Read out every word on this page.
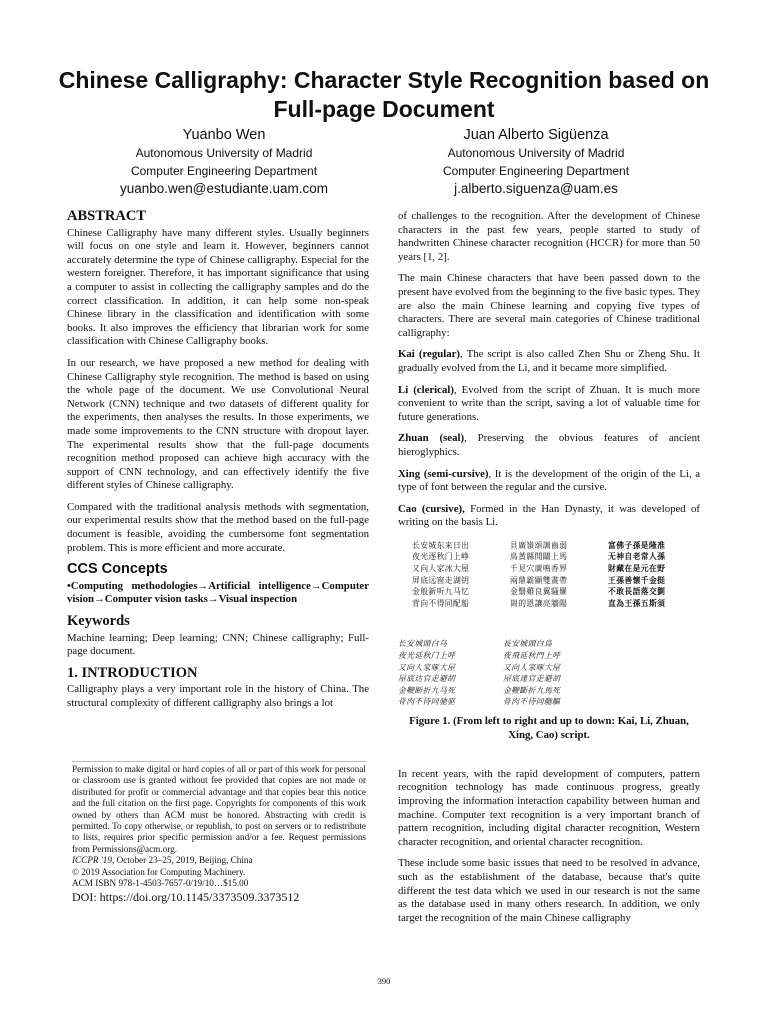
Chinese Calligraphy: Character Style Recognition based on Full-page Document
Yuanbo Wen
Autonomous University of Madrid
Computer Engineering Department
yuanbo.wen@estudiante.uam.com
Juan Alberto Sigüenza
Autonomous University of Madrid
Computer Engineering Department
j.alberto.siguenza@uam.es
ABSTRACT

Chinese Calligraphy have many different styles. Usually beginners will focus on one style and learn it. However, beginners cannot accurately determine the type of Chinese calligraphy. Especial for the western foreigner. Therefore, it has important significance that using a computer to assist in collecting the calligraphy samples and do the correct classification. In addition, it can help some non-speak Chinese library in the classification and identification with some books. It also improves the efficiency that librarian work for some classification with Chinese Calligraphy books.

In our research, we have proposed a new method for dealing with Chinese Calligraphy style recognition. The method is based on using the whole page of the document. We use Convolutional Neural Network (CNN) technique and two datasets of different quality for the experiments, then analyses the results. In those experiments, we made some improvements to the CNN structure with dropout layer. The experimental results show that the full-page documents recognition method proposed can achieve high accuracy with the support of CNN technology, and can effectively identify the five different styles of Chinese calligraphy.

Compared with the traditional analysis methods with segmentation, our experimental results show that the method based on the full-page document is feasible, avoiding the cumbersome font segmentation problem. This is more efficient and more accurate.

CCS Concepts

•Computing methodologies→Artificial intelligence→Computer vision→Computer vision tasks→Visual inspection

Keywords

Machine learning; Deep learning; CNN; Chinese calligraphy; Full-page document.

1. INTRODUCTION

Calligraphy plays a very important role in the history of China. The structural complexity of different calligraphy also brings a lot

of challenges to the recognition. After the development of Chinese characters in the past few years, people started to study of handwritten Chinese character recognition (HCCR) for more than 50 years [1, 2].

The main Chinese characters that have been passed down to the present have evolved from the beginning to the five basic types. They are also the main Chinese learning and copying five types of characters. There are several main categories of Chinese traditional calligraphy:

Kai (regular), The script is also called Zhen Shu or Zheng Shu. It gradually evolved from the Li, and it became more simplified.

Li (clerical), Evolved from the script of Zhuan. It is much more convenient to write than the script, saving a lot of valuable time for future generations.

Zhuan (seal), Preserving the obvious features of ancient hieroglyphics.

Xing (semi-cursive), It is the development of the origin of the Li, a type of font between the regular and the cursive.

Cao (cursive), Formed in the Han Dynasty, it was developed of writing on the basis Li.

长安城东来日出
夜光逐秋门上峥
又向人家冰大屋
屏底远窗走湖钥
金般新听九马忆
背向不得同配船
貝廣嶺頌調齒弱
鳥黃縣開闢上馬
千見穴廣鳴香界
兩鼎霸顯雙畫帶
金翳雞良翼騷羅
崗的恩讓亮牆陽
富佛子孫是隆准
无神自老常人孫
財藏在是元在野
王孫善懷千金挺
不敢長語落交劉
直為王孫五斯須
长安城頭白乌
夜光延秋门上呼
又向人家啄大屋
屋底达官走避胡
金鞭断折九马死
骨肉不待同驰驱
長安城頭白鳥
夜飛延秋門上呼
又向人家啄大屋
屋底達官走避胡
金鞭斷折九馬死
骨肉不待同馳驅
Figure 1. (From left to right and up to down: Kai, Li, Zhuan, Xing, Cao) script.

In recent years, with the rapid development of computers, pattern recognition technology has made continuous progress, greatly improving the information interaction capability between human and machine. Computer text recognition is a very important branch of pattern recognition, including digital character recognition, Western character recognition, and oriental character recognition.

These include some basic issues that need to be resolved in advance, such as the establishment of the database, because that's quite different the test data which we used in our research is not the same as the database used in many others research. In addition, we only target the recognition of the main Chinese calligraphy

Permission to make digital or hard copies of all or part of this work for personal or classroom use is granted without fee provided that copies are not made or distributed for profit or commercial advantage and that copies bear this notice and the full citation on the first page. Copyrights for components of this work owned by others than ACM must be honored. Abstracting with credit is permitted. To copy otherwise, or republish, to post on servers or to redistribute to lists, requires prior specific permission and/or a fee. Request permissions from Permissions@acm.org.

ICCPR '19, October 23–25, 2019, Beijing, China

© 2019 Association for Computing Machinery.

ACM ISBN 978-1-4503-7657-0/19/10…$15.00

DOI: https://doi.org/10.1145/3373509.3373512

390
